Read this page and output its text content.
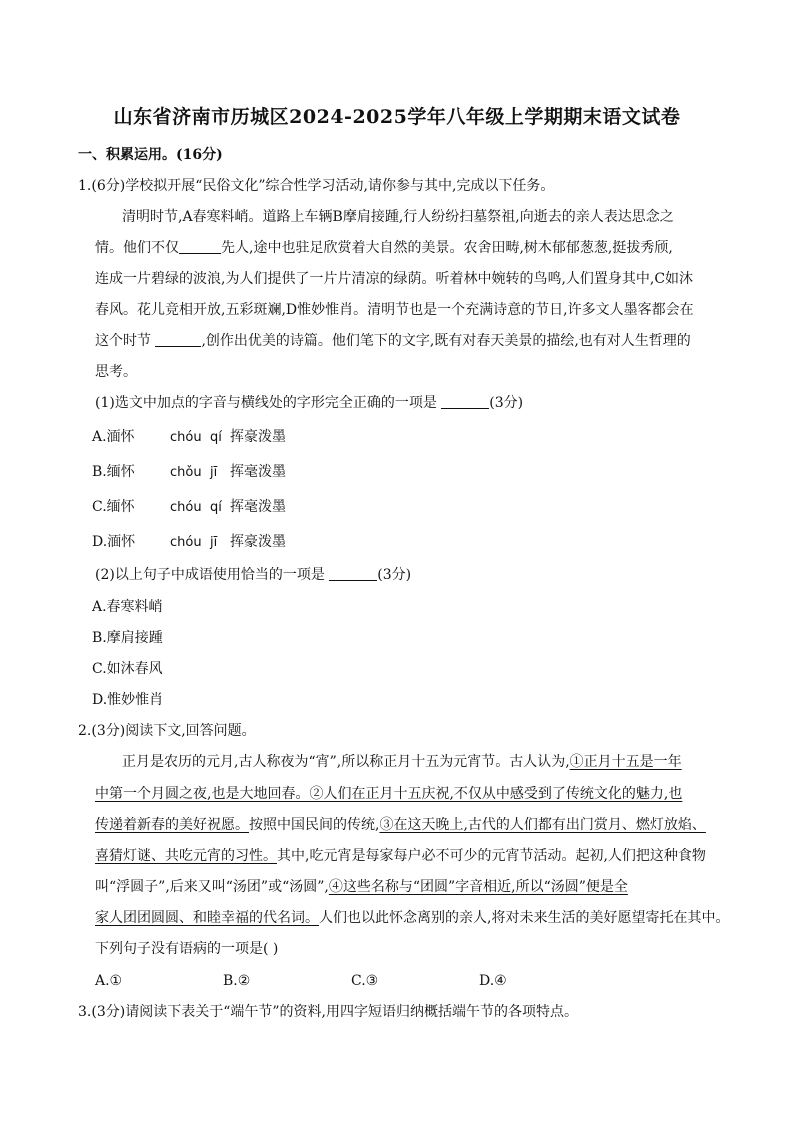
山东省济南市历城区2024-2025学年八年级上学期期末语文试卷
一、积累运用。(16分)
1.(6分)学校拟开展“民俗文化”综合性学习活动,请你参与其中,完成以下任务。
清明时节,A春寒料峭。道路上车辆B摩肩接踵,行人纷纷扫墓祭祖,向逝去的亲人表达思念之
情。他们不仅	先人,途中也驻足欣赏着大自然的美景。农舍田畴,树木郁郁葱葱,挺拔秀颀,
连成一片碧绿的波浪,为人们提供了一片片清凉的绿荫。听着林中婉转的鸟鸣,人们置身其中,C如沐
春风。花儿竞相开放,五彩斑斓,D惟妙惟肖。清明节也是一个充满诗意的节日,许多文人墨客都会在
这个时节	,创作出优美的诗篇。他们笔下的文字,既有对春天美景的描绘,也有对人生哲理的
思考。
(1)选文中加点的字音与横线处的字形完全正确的一项是	(3分)
A.湎怀	chóu qí 挥豪泼墨
B.缅怀	chǒu jī 挥毫泼墨
C.缅怀	chóu qí 挥毫泼墨
D.湎怀	chóu jī 挥豪泼墨
(2)以上句子中成语使用恰当的一项是	(3分)
A.春寒料峭
B.摩肩接踵
C.如沐春风
D.惟妙惟肖
2.(3分)阅读下文,回答问题。
正月是农历的元月,古人称夜为“宵”,所以称正月十五为元宵节。古人认为,①正月十五是一年
中第一个月圆之夜,也是大地回春。②人们在正月十五庆祝,不仅从中感受到了传统文化的魅力,也
传递着新春的美好祝愿。按照中国民间的传统,③在这天晚上,古代的人们都有出门赏月、燃灯放焰、
喜猜灯谜、共吃元宵的习性。其中,吃元宵是每家每户必不可少的元宵节活动。起初,人们把这种食物
叫“浮圆子”,后来又叫“汤团”或“汤圆”,④这些名称与“团圆”字音相近,所以“汤圆”便是全
家人团团圆圆、和睦幸福的代名词。人们也以此怀念离别的亲人,将对未来生活的美好愿望寄托在其中。
下列句子没有语病的一项是( )
A.①	B.②	C.③	D.④
3.(3分)请阅读下表关于“端午节”的资料,用四字短语归纳概括端午节的各项特点。
